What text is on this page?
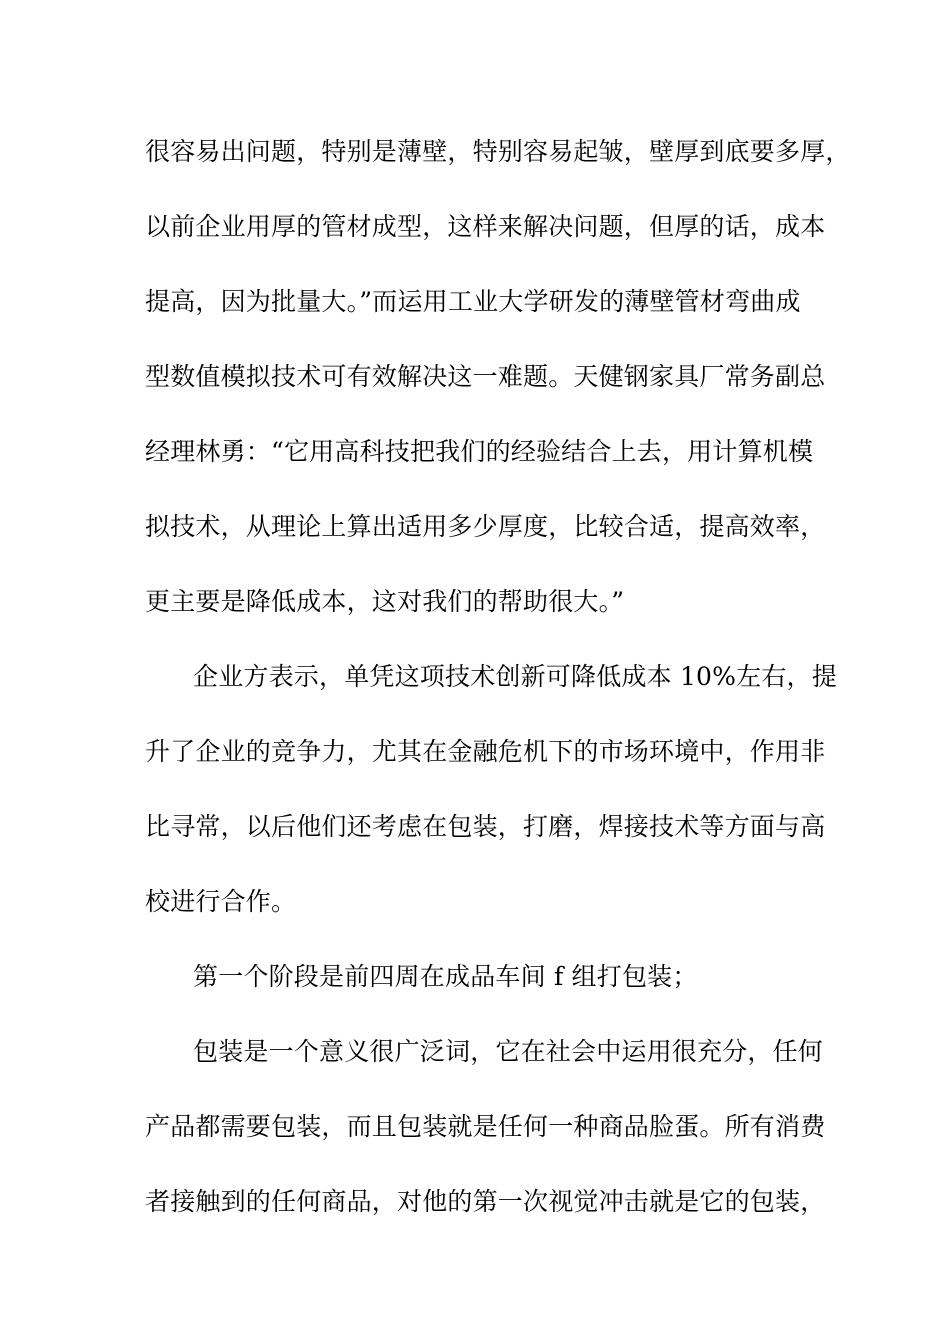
很容易出问题，特别是薄壁，特别容易起皱，壁厚到底要多厚，
以前企业用厚的管材成型，这样来解决问题，但厚的话，成本
提高，因为批量大。”而运用工业大学研发的薄壁管材弯曲成
型数值模拟技术可有效解决这一难题。天健钢家具厂常务副总
经理林勇：“它用高科技把我们的经验结合上去，用计算机模
拟技术，从理论上算出适用多少厚度，比较合适，提高效率，
更主要是降低成本，这对我们的帮助很大。”
企业方表示，单凭这项技术创新可降低成本 10%左右，提
升了企业的竞争力，尤其在金融危机下的市场环境中，作用非
比寻常，以后他们还考虑在包装，打磨，焊接技术等方面与高
校进行合作。
第一个阶段是前四周在成品车间 f 组打包装；
包装是一个意义很广泛词，它在社会中运用很充分，任何
产品都需要包装，而且包装就是任何一种商品脸蛋。所有消费
者接触到的任何商品，对他的第一次视觉冲击就是它的包装，
